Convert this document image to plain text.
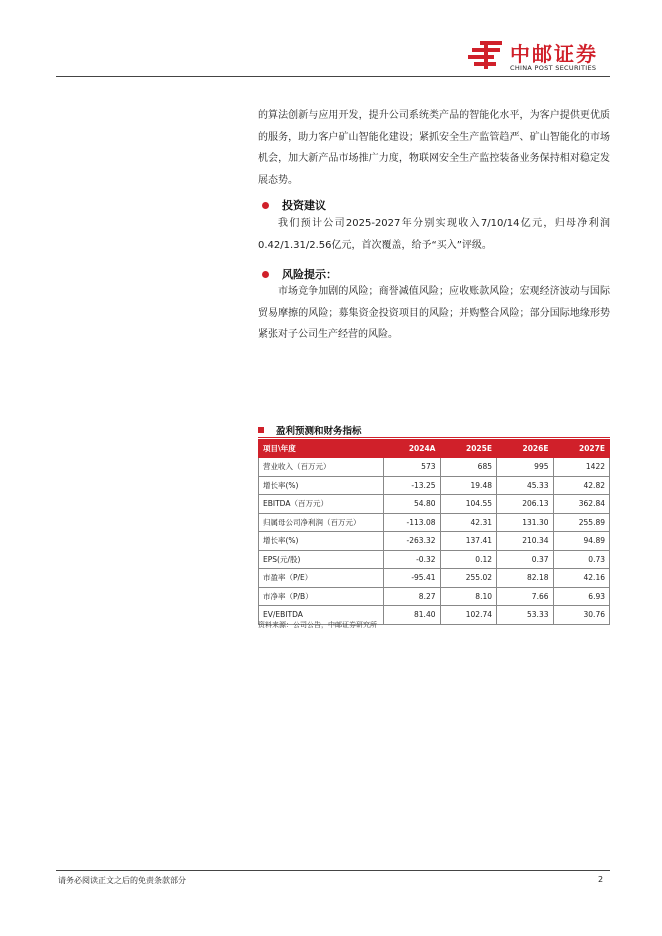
中邮证券
CHINA POST SECURITIES

的算法创新与应用开发，提升公司系统类产品的智能化水平，为客户提供更优质的服务，助力客户矿山智能化建设；紧抓安全生产监管趋严、矿山智能化的市场机会，加大新产品市场推广力度，物联网安全生产监控装备业务保持相对稳定发展态势。

投资建议

我们预计公司2025-2027年分别实现收入7/10/14亿元，归母净利润0.42/1.31/2.56亿元，首次覆盖，给予“买入”评级。

风险提示：

市场竞争加剧的风险；商誉减值风险；应收账款风险；宏观经济波动与国际贸易摩擦的风险；募集资金投资项目的风险；并购整合风险；部分国际地缘形势紧张对子公司生产经营的风险。

盈利预测和财务指标
项目\年度	2024A	2025E	2026E	2027E
营业收入（百万元）	573	685	995	1422
增长率(%)	-13.25	19.48	45.33	42.82
EBITDA（百万元）	54.80	104.55	206.13	362.84
归属母公司净利润（百万元）	-113.08	42.31	131.30	255.89
增长率(%)	-263.32	137.41	210.34	94.89
EPS(元/股)	-0.32	0.12	0.37	0.73
市盈率（P/E）	-95.41	255.02	82.18	42.16
市净率（P/B）	8.27	8.10	7.66	6.93
EV/EBITDA	81.40	102.74	53.33	30.76
资料来源：公司公告，中邮证券研究所
请务必阅读正文之后的免责条款部分	2
